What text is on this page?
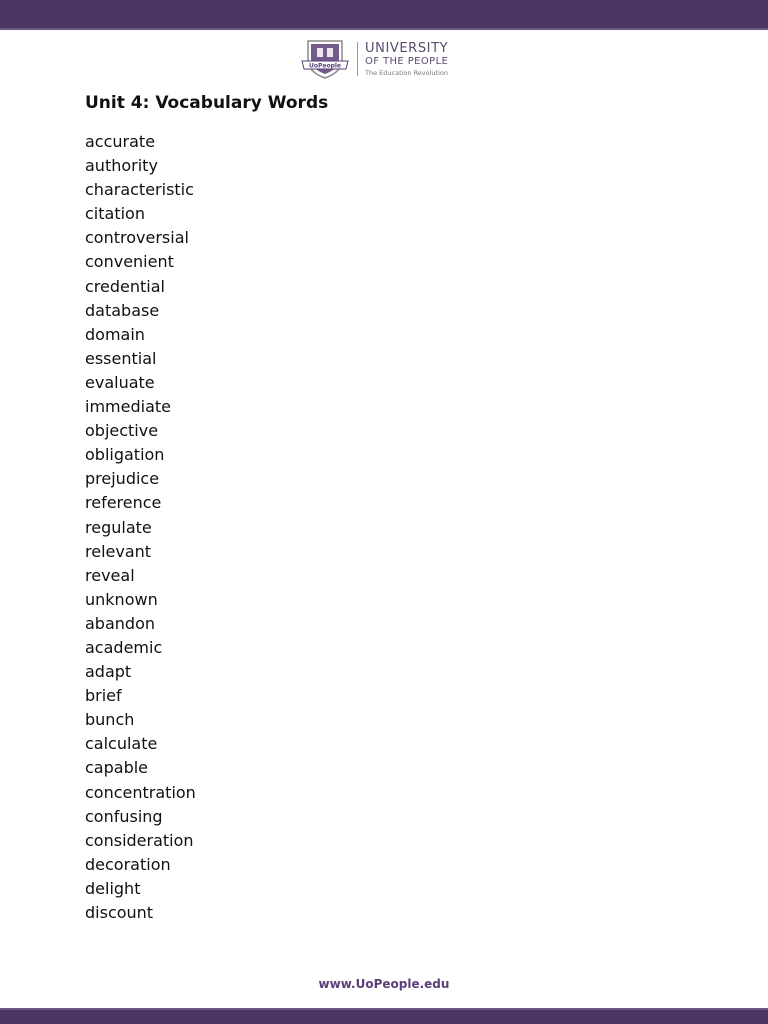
UoPeople
UNIVERSITY
OF THE PEOPLE
The Education Revolution
Unit 4: Vocabulary Words
accurate
authority
characteristic
citation
controversial
convenient
credential
database
domain
essential
evaluate
immediate
objective
obligation
prejudice
reference
regulate
relevant
reveal
unknown
abandon
academic
adapt
brief
bunch
calculate
capable
concentration
confusing
consideration
decoration
delight
discount
www.UoPeople.edu
